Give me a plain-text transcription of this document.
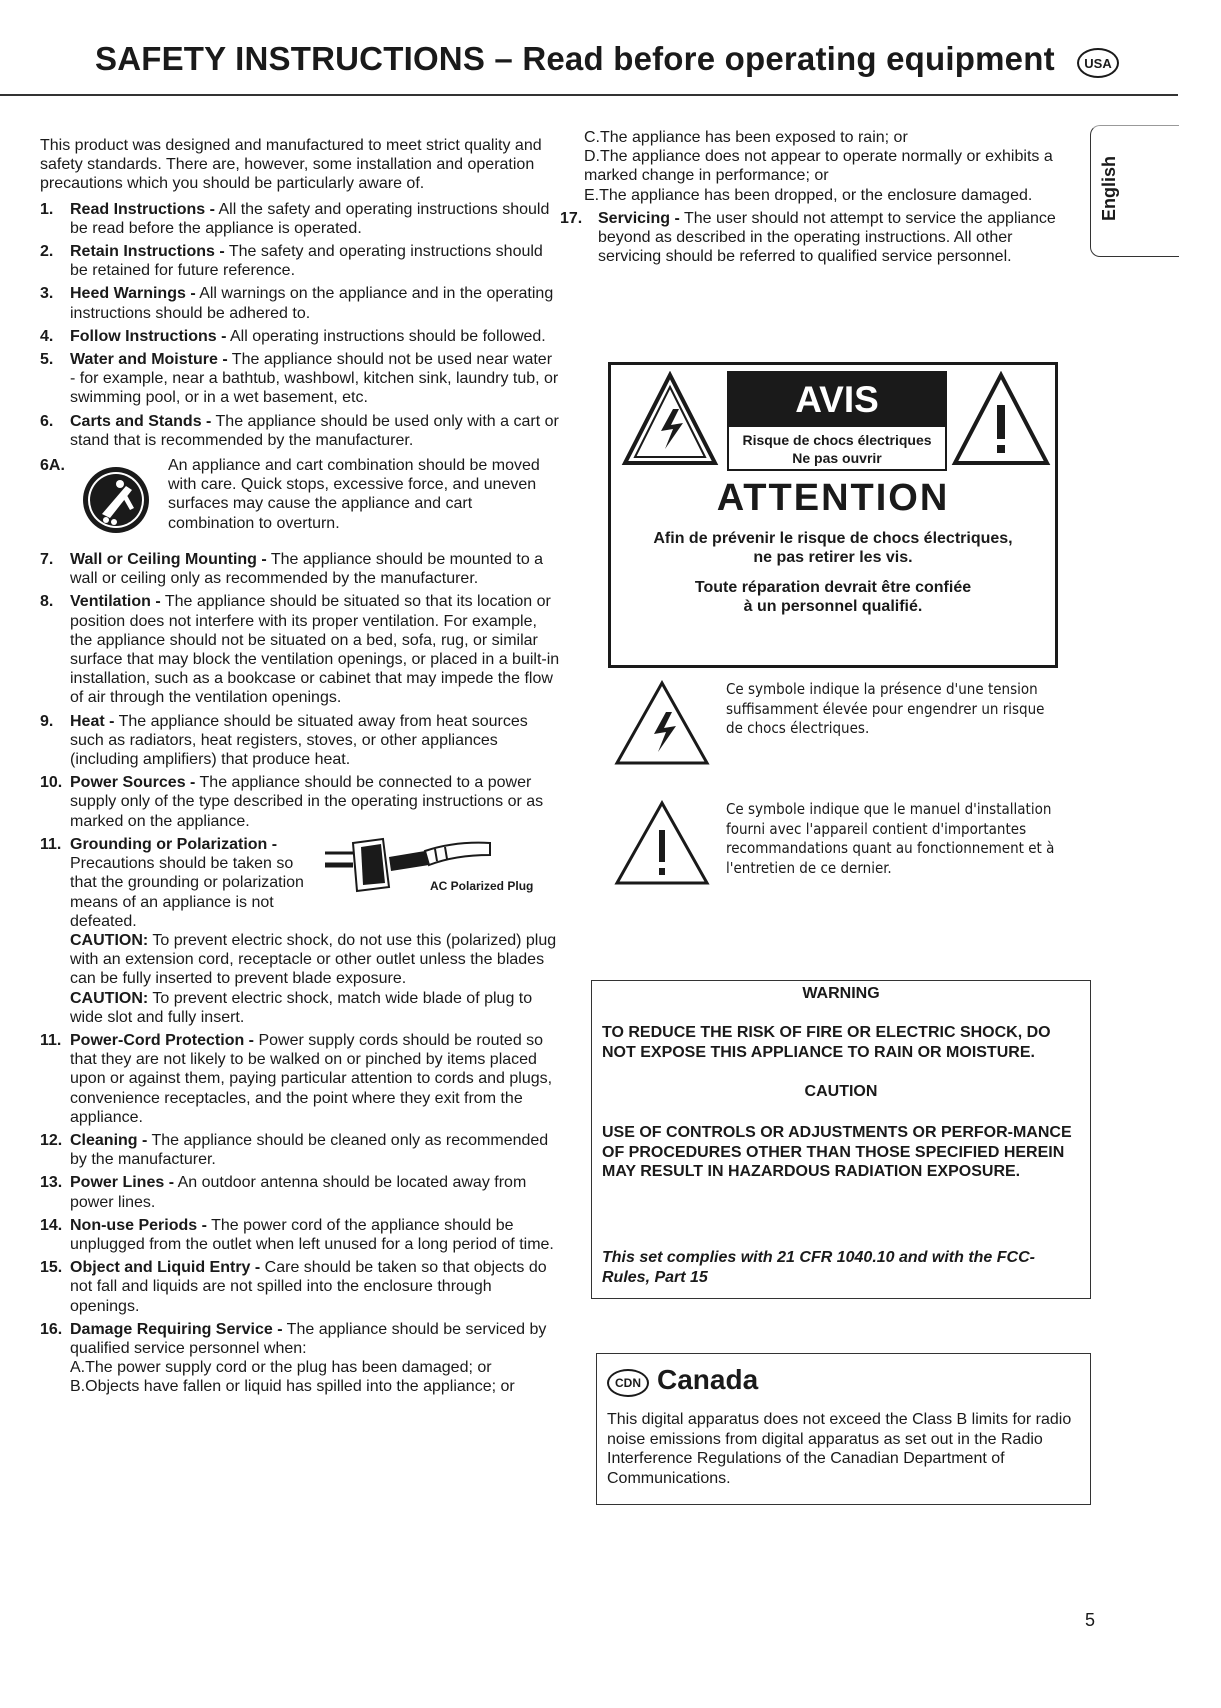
SAFETY INSTRUCTIONS – Read before operating equipment	USA
English

This product was designed and manufactured to meet strict quality and safety standards. There are, however, some installation and operation precautions which you should be particularly aware of.

1. Read Instructions - All the safety and operating instructions should be read before the appliance is operated.
2. Retain Instructions - The safety and operating instructions should be retained for future reference.
3. Heed Warnings - All warnings on the appliance and in the operating instructions should be adhered to.
4. Follow Instructions - All operating instructions should be followed.
5. Water and Moisture - The appliance should not be used near water - for example, near a bathtub, washbowl, kitchen sink, laundry tub, or swimming pool, or in a wet basement, etc.
6. Carts and Stands - The appliance should be used only with a cart or stand that is recommended by the manufacturer.
6A.	An appliance and cart combination should be moved with care. Quick stops, excessive force, and uneven surfaces may cause the appliance and cart combination to overturn.
7. Wall or Ceiling Mounting - The appliance should be mounted to a wall or ceiling only as recommended by the manufacturer.
8. Ventilation - The appliance should be situated so that its location or position does not interfere with its proper ventilation. For example, the appliance should not be situated on a bed, sofa, rug, or similar surface that may block the ventilation openings, or placed in a built-in installation, such as a bookcase or cabinet that may impede the flow of air through the ventilation openings.
9. Heat - The appliance should be situated away from heat sources such as radiators, heat registers, stoves, or other appliances (including amplifiers) that produce heat.
10. Power Sources - The appliance should be connected to a power supply only of the type described in the operating instructions or as marked on the appliance.
11. Grounding or Polarization -
Precautions should be taken so that the grounding or polarization means of an appliance is not defeated.
AC Polarized Plug
CAUTION: To prevent electric shock, do not use this (polarized) plug with an extension cord, receptacle or other outlet unless the blades can be fully inserted to prevent blade exposure.
CAUTION: To prevent electric shock, match wide blade of plug to wide slot and fully insert.
11. Power-Cord Protection - Power supply cords should be routed so that they are not likely to be walked on or pinched by items placed upon or against them, paying particular attention to cords and plugs, convenience receptacles, and the point where they exit from the appliance.
12. Cleaning - The appliance should be cleaned only as recommended by the manufacturer.
13. Power Lines - An outdoor antenna should be located away from power lines.
14. Non-use Periods - The power cord of the appliance should be unplugged from the outlet when left unused for a long period of time.
15. Object and Liquid Entry - Care should be taken so that objects do not fall and liquids are not spilled into the enclosure through openings.
16. Damage Requiring Service - The appliance should be serviced by qualified service personnel when:
A.The power supply cord or the plug has been damaged; or
B.Objects have fallen or liquid has spilled into the appliance; or
C.The appliance has been exposed to rain; or
D.The appliance does not appear to operate normally or exhibits a marked change in performance; or
E.The appliance has been dropped, or the enclosure damaged.
17. Servicing - The user should not attempt to service the appliance beyond as described in the operating instructions. All other servicing should be referred to qualified service personnel.
AVIS
Risque de chocs électriques
Ne pas ouvrir
ATTENTION
Afin de prévenir le risque de chocs électriques,
ne pas retirer les vis.
Toute réparation devrait être confiée
à un personnel qualifié.
Ce symbole indique la présence d'une tension suffisamment élevée pour engendrer un risque de chocs électriques.
Ce symbole indique que le manuel d'installation fourni avec l'appareil contient d'importantes recommandations quant au fonctionnement et à l'entretien de ce dernier.
WARNING
TO REDUCE THE RISK OF FIRE OR ELECTRIC SHOCK, DO NOT EXPOSE THIS APPLIANCE TO RAIN OR MOISTURE.
CAUTION
USE OF CONTROLS OR ADJUSTMENTS OR PERFOR-MANCE OF PROCEDURES OTHER THAN THOSE SPECIFIED HEREIN MAY RESULT IN HAZARDOUS RADIATION EXPOSURE.
This set complies with 21 CFR 1040.10 and with the FCC-Rules, Part 15
CDN Canada
This digital apparatus does not exceed the Class B limits for radio noise emissions from digital apparatus as set out in the Radio Interference Regulations of the Canadian Department of Communications.
5
